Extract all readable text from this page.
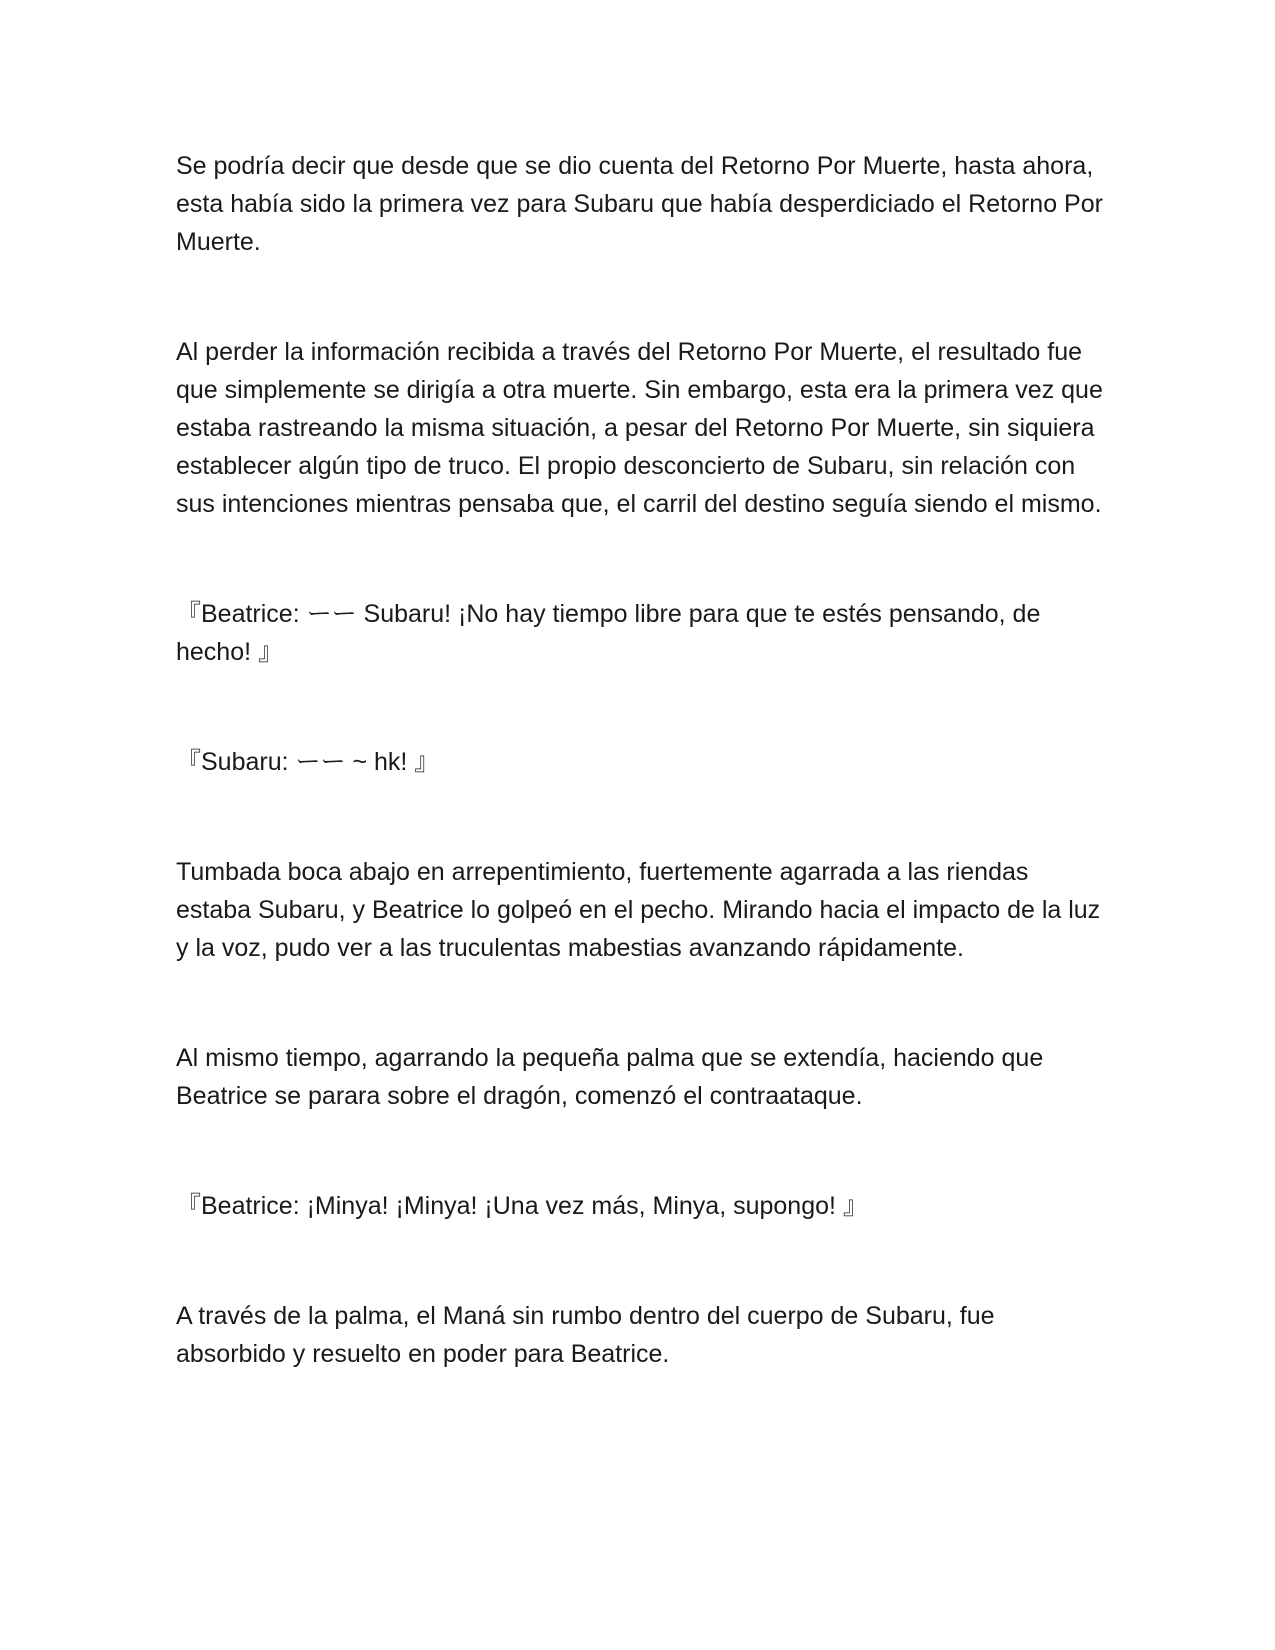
Se podría decir que desde que se dio cuenta del Retorno Por Muerte, hasta ahora, esta había sido la primera vez para Subaru que había desperdiciado el Retorno Por Muerte.

Al perder la información recibida a través del Retorno Por Muerte, el resultado fue que simplemente se dirigía a otra muerte. Sin embargo, esta era la primera vez que estaba rastreando la misma situación, a pesar del Retorno Por Muerte, sin siquiera establecer algún tipo de truco. El propio desconcierto de Subaru, sin relación con sus intenciones mientras pensaba que, el carril del destino seguía siendo el mismo.

『Beatrice: ーー Subaru! ¡No hay tiempo libre para que te estés pensando, de hecho! 』

『Subaru: ーー ~ hk! 』

Tumbada boca abajo en arrepentimiento, fuertemente agarrada a las riendas estaba Subaru, y Beatrice lo golpeó en el pecho. Mirando hacia el impacto de la luz y la voz, pudo ver a las truculentas mabestias avanzando rápidamente.

Al mismo tiempo, agarrando la pequeña palma que se extendía, haciendo que Beatrice se parara sobre el dragón, comenzó el contraataque.

『Beatrice: ¡Minya! ¡Minya! ¡Una vez más, Minya, supongo! 』

A través de la palma, el Maná sin rumbo dentro del cuerpo de Subaru, fue absorbido y resuelto en poder para Beatrice.
